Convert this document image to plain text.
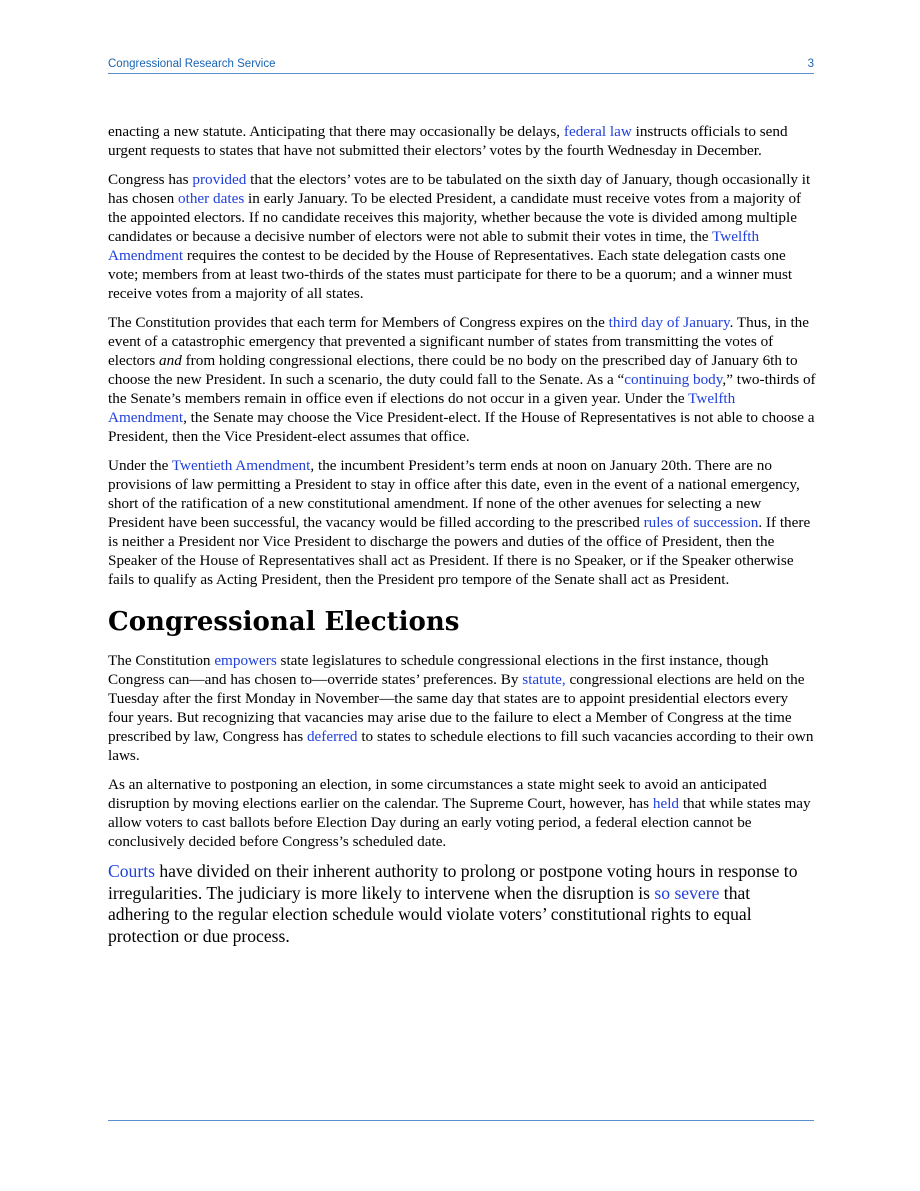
Congressional Research Service	3

enacting a new statute. Anticipating that there may occasionally be delays, federal law instructs officials to send urgent requests to states that have not submitted their electors’ votes by the fourth Wednesday in December.

Congress has provided that the electors’ votes are to be tabulated on the sixth day of January, though occasionally it has chosen other dates in early January. To be elected President, a candidate must receive votes from a majority of the appointed electors. If no candidate receives this majority, whether because the vote is divided among multiple candidates or because a decisive number of electors were not able to submit their votes in time, the Twelfth Amendment requires the contest to be decided by the House of Representatives. Each state delegation casts one vote; members from at least two-thirds of the states must participate for there to be a quorum; and a winner must receive votes from a majority of all states.

The Constitution provides that each term for Members of Congress expires on the third day of January. Thus, in the event of a catastrophic emergency that prevented a significant number of states from transmitting the votes of electors and from holding congressional elections, there could be no body on the prescribed day of January 6th to choose the new President. In such a scenario, the duty could fall to the Senate. As a “continuing body,” two-thirds of the Senate’s members remain in office even if elections do not occur in a given year. Under the Twelfth Amendment, the Senate may choose the Vice President-elect. If the House of Representatives is not able to choose a President, then the Vice President-elect assumes that office.

Under the Twentieth Amendment, the incumbent President’s term ends at noon on January 20th. There are no provisions of law permitting a President to stay in office after this date, even in the event of a national emergency, short of the ratification of a new constitutional amendment. If none of the other avenues for selecting a new President have been successful, the vacancy would be filled according to the prescribed rules of succession. If there is neither a President nor Vice President to discharge the powers and duties of the office of President, then the Speaker of the House of Representatives shall act as President. If there is no Speaker, or if the Speaker otherwise fails to qualify as Acting President, then the President pro tempore of the Senate shall act as President.

Congressional Elections

The Constitution empowers state legislatures to schedule congressional elections in the first instance, though Congress can—and has chosen to—override states’ preferences. By statute, congressional elections are held on the Tuesday after the first Monday in November—the same day that states are to appoint presidential electors every four years. But recognizing that vacancies may arise due to the failure to elect a Member of Congress at the time prescribed by law, Congress has deferred to states to schedule elections to fill such vacancies according to their own laws.

As an alternative to postponing an election, in some circumstances a state might seek to avoid an anticipated disruption by moving elections earlier on the calendar. The Supreme Court, however, has held that while states may allow voters to cast ballots before Election Day during an early voting period, a federal election cannot be conclusively decided before Congress’s scheduled date.

Courts have divided on their inherent authority to prolong or postpone voting hours in response to irregularities. The judiciary is more likely to intervene when the disruption is so severe that adhering to the regular election schedule would violate voters’ constitutional rights to equal protection or due process.
